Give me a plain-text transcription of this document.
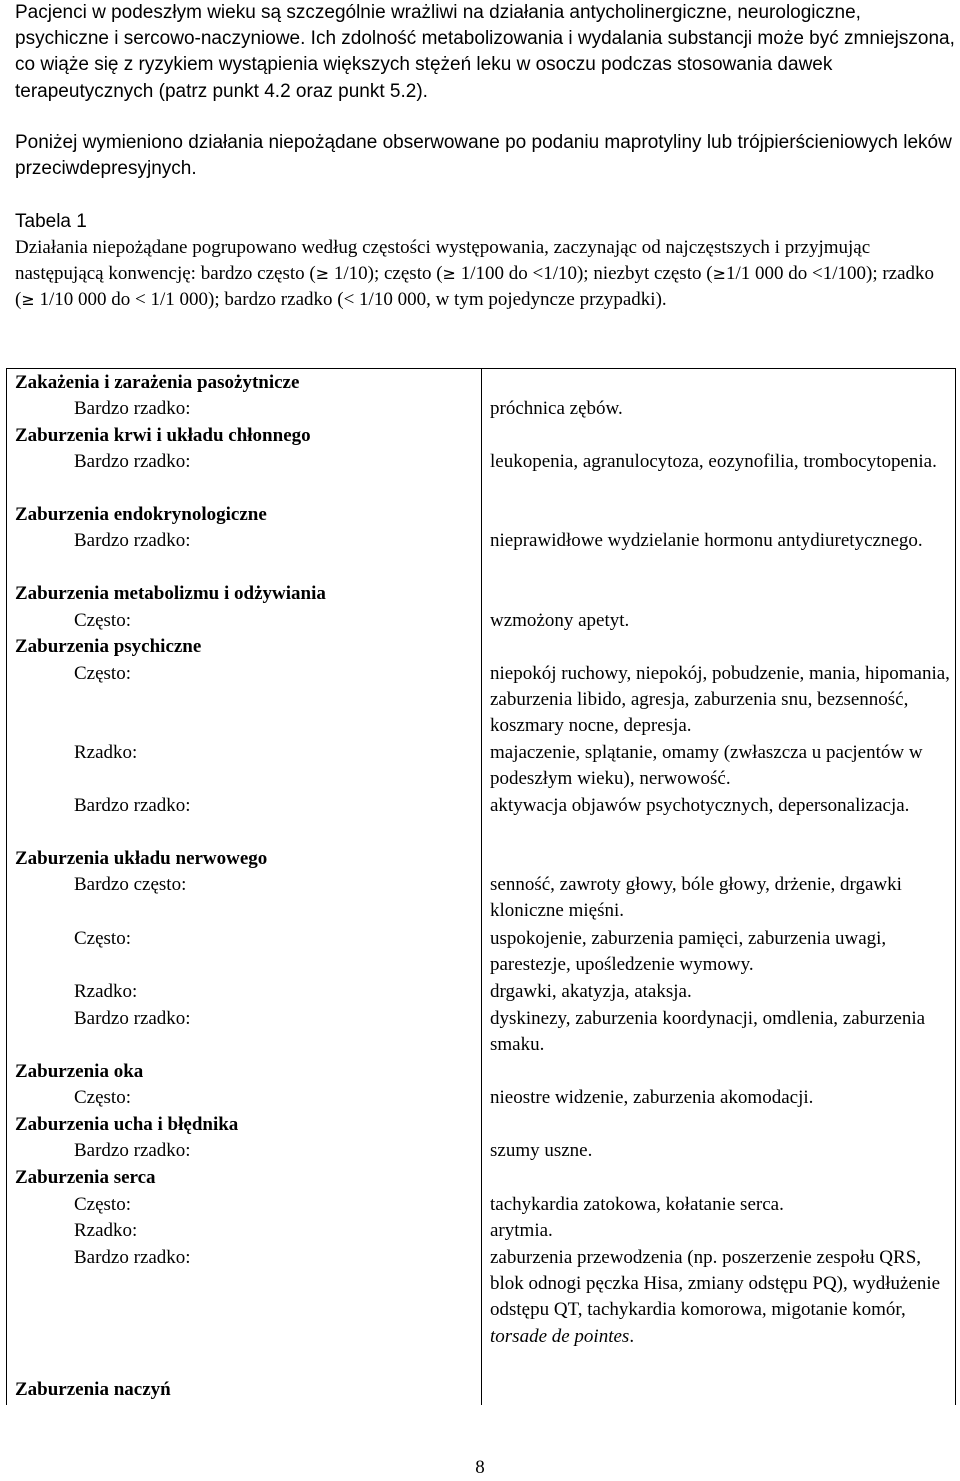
Pacjenci w podeszłym wieku są szczególnie wrażliwi na działania antycholinergiczne, neurologiczne, psychiczne i sercowo-naczyniowe. Ich zdolność metabolizowania i wydalania substancji może być zmniejszona, co wiąże się z ryzykiem wystąpienia większych stężeń leku w osoczu podczas stosowania dawek terapeutycznych (patrz punkt 4.2 oraz punkt 5.2).

Poniżej wymieniono działania niepożądane obserwowane po podaniu maprotyliny lub trójpierścieniowych leków przeciwdepresyjnych.

Tabela 1

Działania niepożądane pogrupowano według częstości występowania, zaczynając od najczęstszych i przyjmując następującą konwencję: bardzo często (≥ 1/10); często (≥ 1/100 do <1/10); niezbyt często (≥1/1 000 do <1/100); rzadko (≥ 1/10 000 do < 1/1 000); bardzo rzadko (< 1/10 000, w tym pojedyncze przypadki).

Zakażenia i zarażenia pasożytnicze
Bardzo rzadko:	próchnica zębów.
Zaburzenia krwi i układu chłonnego
Bardzo rzadko:	leukopenia, agranulocytoza, eozynofilia, trombocytopenia.
Zaburzenia endokrynologiczne
Bardzo rzadko:	nieprawidłowe wydzielanie hormonu antydiuretycznego.
Zaburzenia metabolizmu i odżywiania
Często:	wzmożony apetyt.
Zaburzenia psychiczne
Często:	niepokój ruchowy, niepokój, pobudzenie, mania, hipomania, zaburzenia libido, agresja, zaburzenia snu, bezsenność, koszmary nocne, depresja.
Rzadko:	majaczenie, splątanie, omamy (zwłaszcza u pacjentów w podeszłym wieku), nerwowość.
Bardzo rzadko:	aktywacja objawów psychotycznych, depersonalizacja.
Zaburzenia układu nerwowego
Bardzo często:	senność, zawroty głowy, bóle głowy, drżenie, drgawki kloniczne mięśni.
Często:	uspokojenie, zaburzenia pamięci, zaburzenia uwagi, parestezje, upośledzenie wymowy.
Rzadko:	drgawki, akatyzja, ataksja.
Bardzo rzadko:	dyskinezy, zaburzenia koordynacji, omdlenia, zaburzenia smaku.
Zaburzenia oka
Często:	nieostre widzenie, zaburzenia akomodacji.
Zaburzenia ucha i błędnika
Bardzo rzadko:	szumy uszne.
Zaburzenia serca
Często:	tachykardia zatokowa, kołatanie serca.
Rzadko:	arytmia.
Bardzo rzadko:	zaburzenia przewodzenia (np. poszerzenie zespołu QRS, blok odnogi pęczka Hisa, zmiany odstępu PQ), wydłużenie odstępu QT, tachykardia komorowa, migotanie komór, torsade de pointes.
Zaburzenia naczyń
8
